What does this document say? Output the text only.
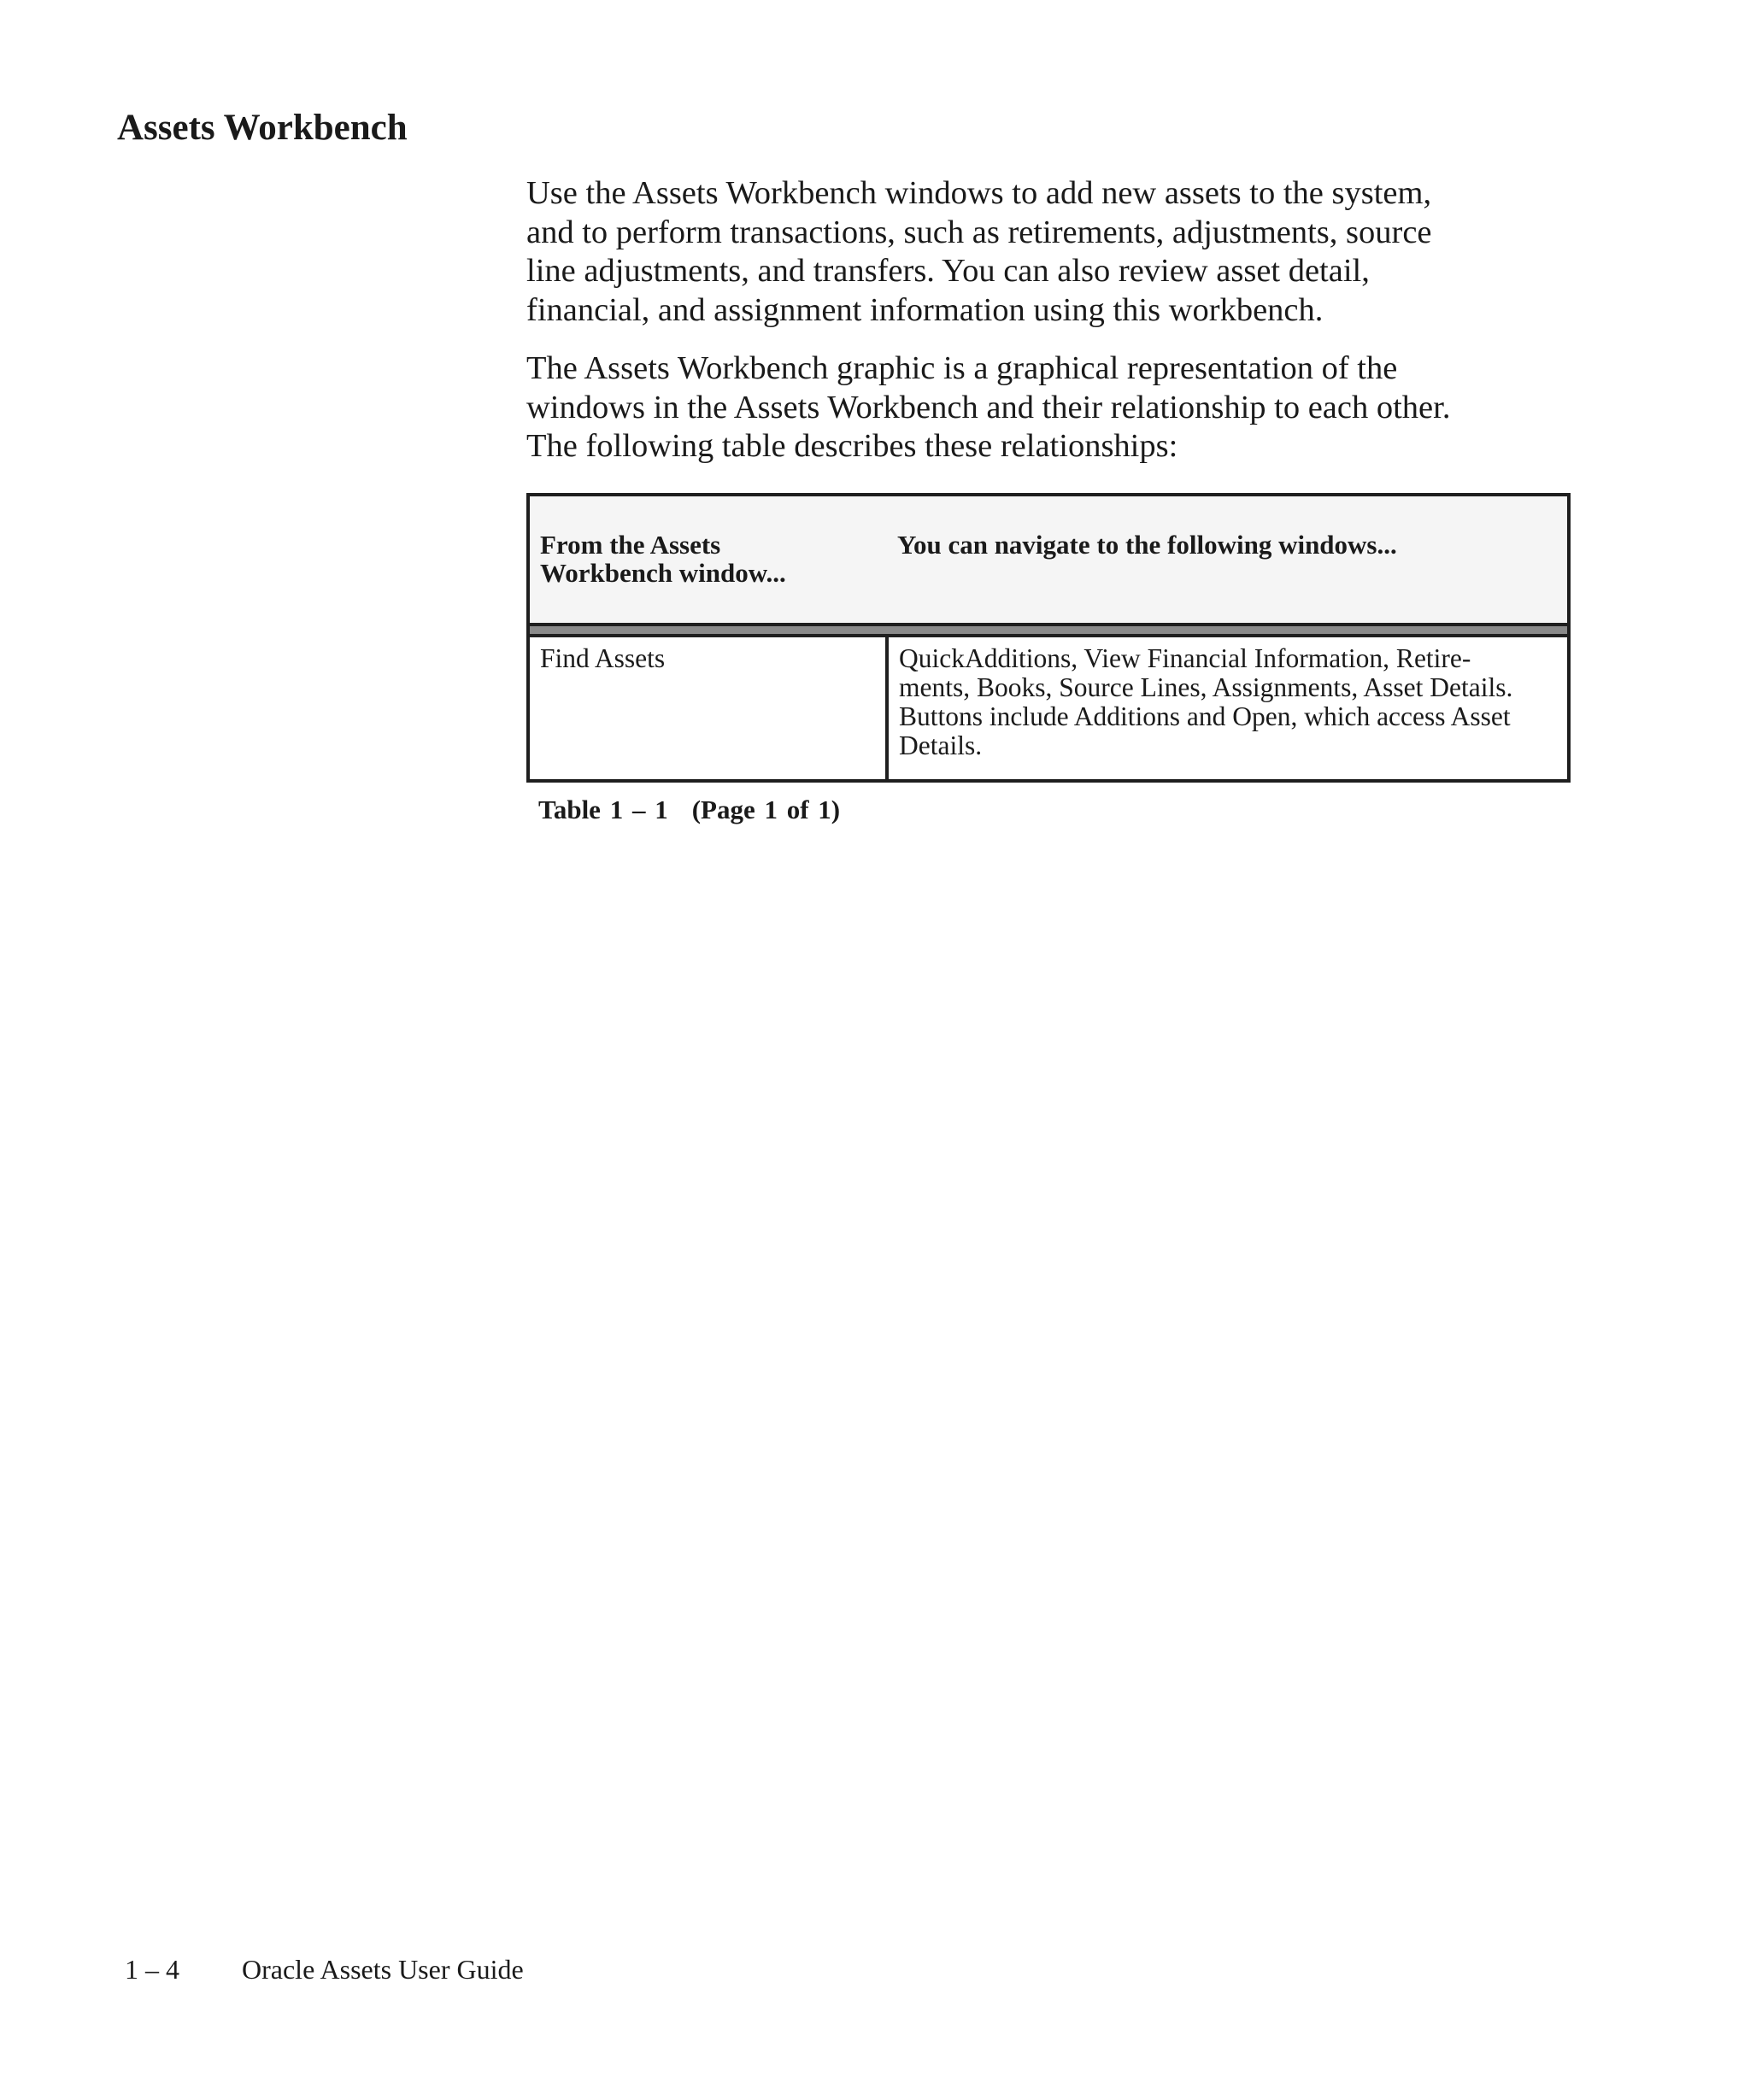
Assets Workbench

Use the Assets Workbench windows to add new assets to the system,
and to perform transactions, such as retirements, adjustments, source
line adjustments, and transfers. You can also review asset detail,
financial, and assignment information using this workbench.

The Assets Workbench graphic is a graphical representation of the
windows in the Assets Workbench and their relationship to each other.
The following table describes these relationships:

From the Assets
Workbench window...	You can navigate to the following windows...

Find Assets	QuickAdditions, View Financial Information, Retire-
ments, Books, Source Lines, Assignments, Asset Details.
Buttons include Additions and Open, which access Asset
Details.

Table 1 – 1 (Page 1 of 1)

1 – 4 Oracle Assets User Guide
